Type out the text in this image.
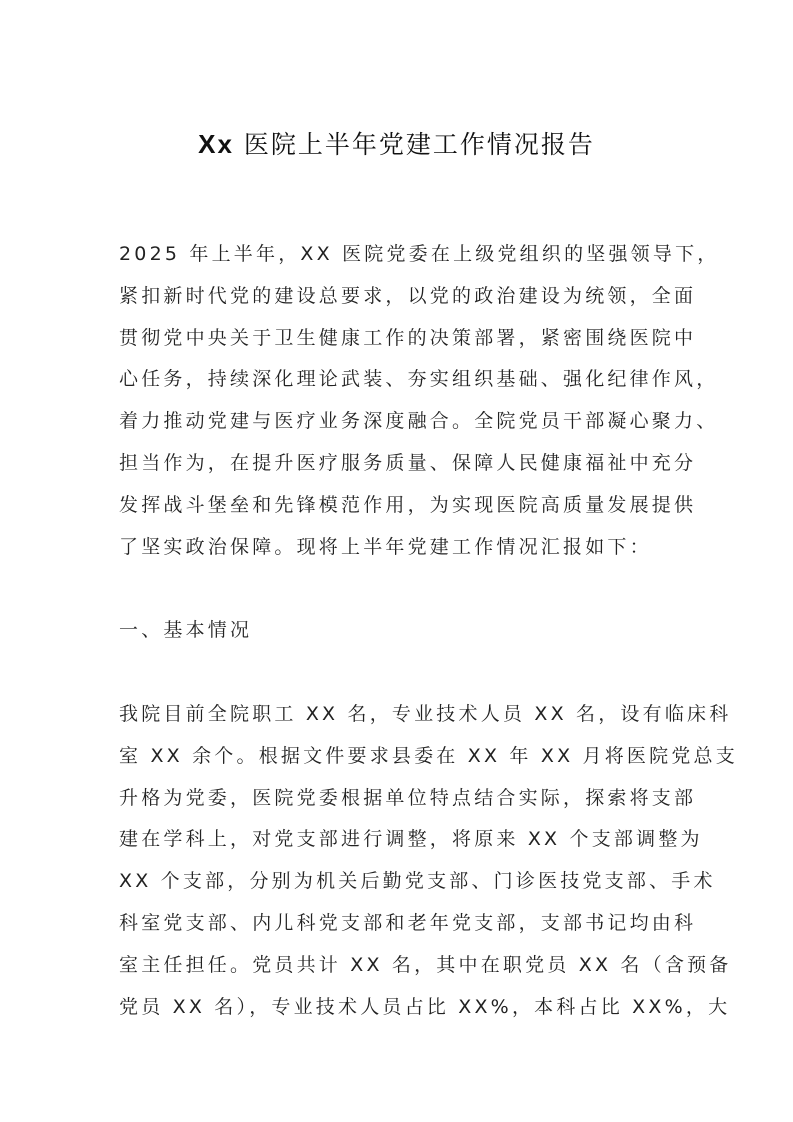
Xx 医院上半年党建工作情况报告
2025 年上半年，XX 医院党委在上级党组织的坚强领导下，
紧扣新时代党的建设总要求，以党的政治建设为统领，全面
贯彻党中央关于卫生健康工作的决策部署，紧密围绕医院中
心任务，持续深化理论武装、夯实组织基础、强化纪律作风，
着力推动党建与医疗业务深度融合。全院党员干部凝心聚力、
担当作为，在提升医疗服务质量、保障人民健康福祉中充分
发挥战斗堡垒和先锋模范作用，为实现医院高质量发展提供
了坚实政治保障。现将上半年党建工作情况汇报如下：
一、基本情况
我院目前全院职工 XX 名，专业技术人员 XX 名，设有临床科
室 XX 余个。根据文件要求县委在 XX 年 XX 月将医院党总支
升格为党委，医院党委根据单位特点结合实际，探索将支部
建在学科上，对党支部进行调整，将原来 XX 个支部调整为
XX 个支部，分别为机关后勤党支部、门诊医技党支部、手术
科室党支部、内儿科党支部和老年党支部，支部书记均由科
室主任担任。党员共计 XX 名，其中在职党员 XX 名（含预备
党员 XX 名），专业技术人员占比 XX%，本科占比 XX%，大
